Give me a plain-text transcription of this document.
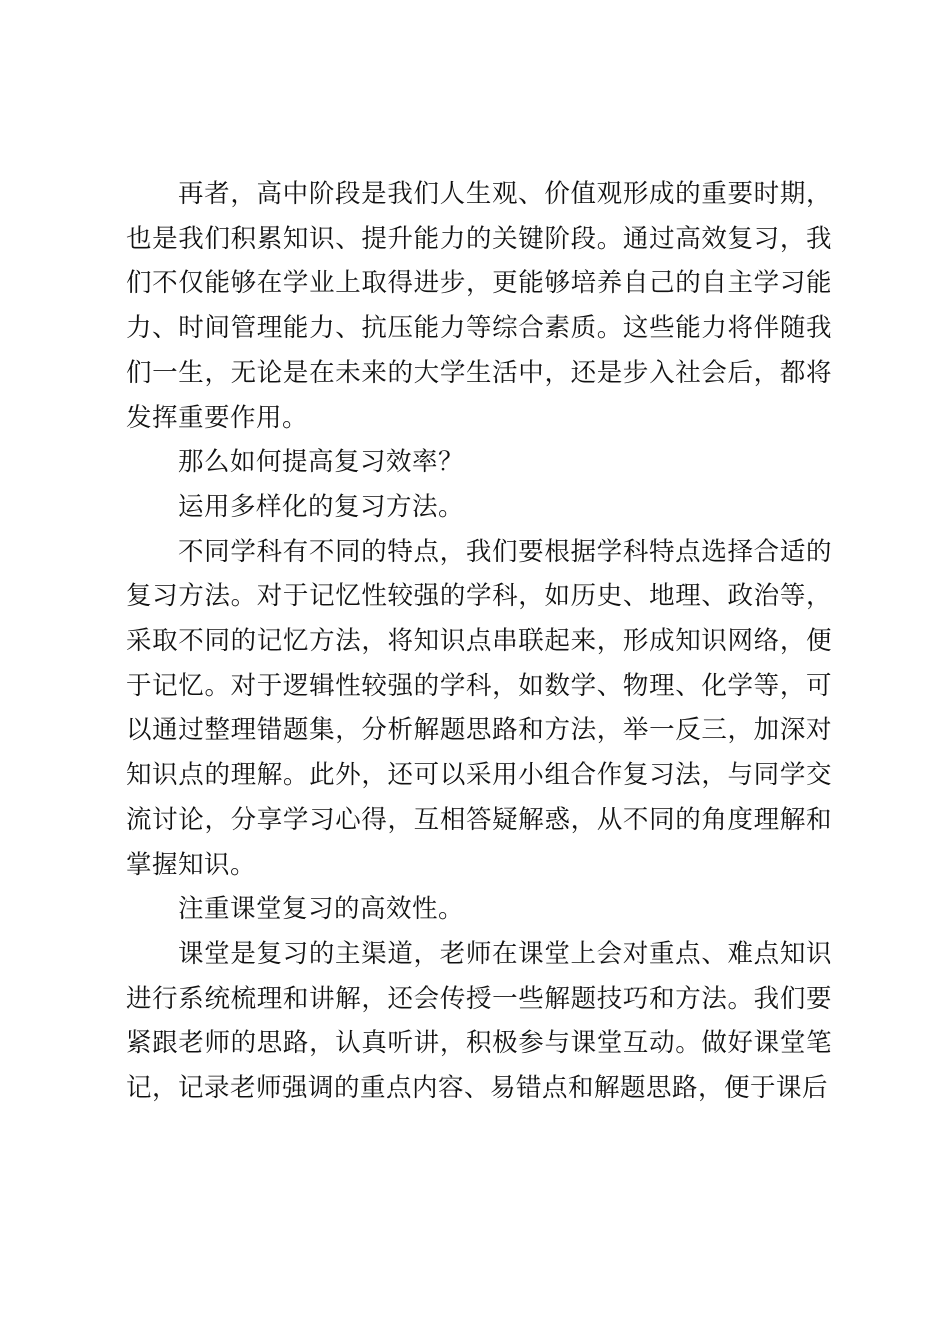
再者，高中阶段是我们人生观、价值观形成的重要时期，也是我们积累知识、提升能力的关键阶段。通过高效复习，我们不仅能够在学业上取得进步，更能够培养自己的自主学习能力、时间管理能力、抗压能力等综合素质。这些能力将伴随我们一生，无论是在未来的大学生活中，还是步入社会后，都将发挥重要作用。

那么如何提高复习效率？

运用多样化的复习方法。

不同学科有不同的特点，我们要根据学科特点选择合适的复习方法。对于记忆性较强的学科，如历史、地理、政治等，采取不同的记忆方法，将知识点串联起来，形成知识网络，便于记忆。对于逻辑性较强的学科，如数学、物理、化学等，可以通过整理错题集，分析解题思路和方法，举一反三，加深对知识点的理解。此外，还可以采用小组合作复习法，与同学交流讨论，分享学习心得，互相答疑解惑，从不同的角度理解和掌握知识。

注重课堂复习的高效性。

课堂是复习的主渠道，老师在课堂上会对重点、难点知识进行系统梳理和讲解，还会传授一些解题技巧和方法。我们要紧跟老师的思路，认真听讲，积极参与课堂互动。做好课堂笔记，记录老师强调的重点内容、易错点和解题思路，便于课后
